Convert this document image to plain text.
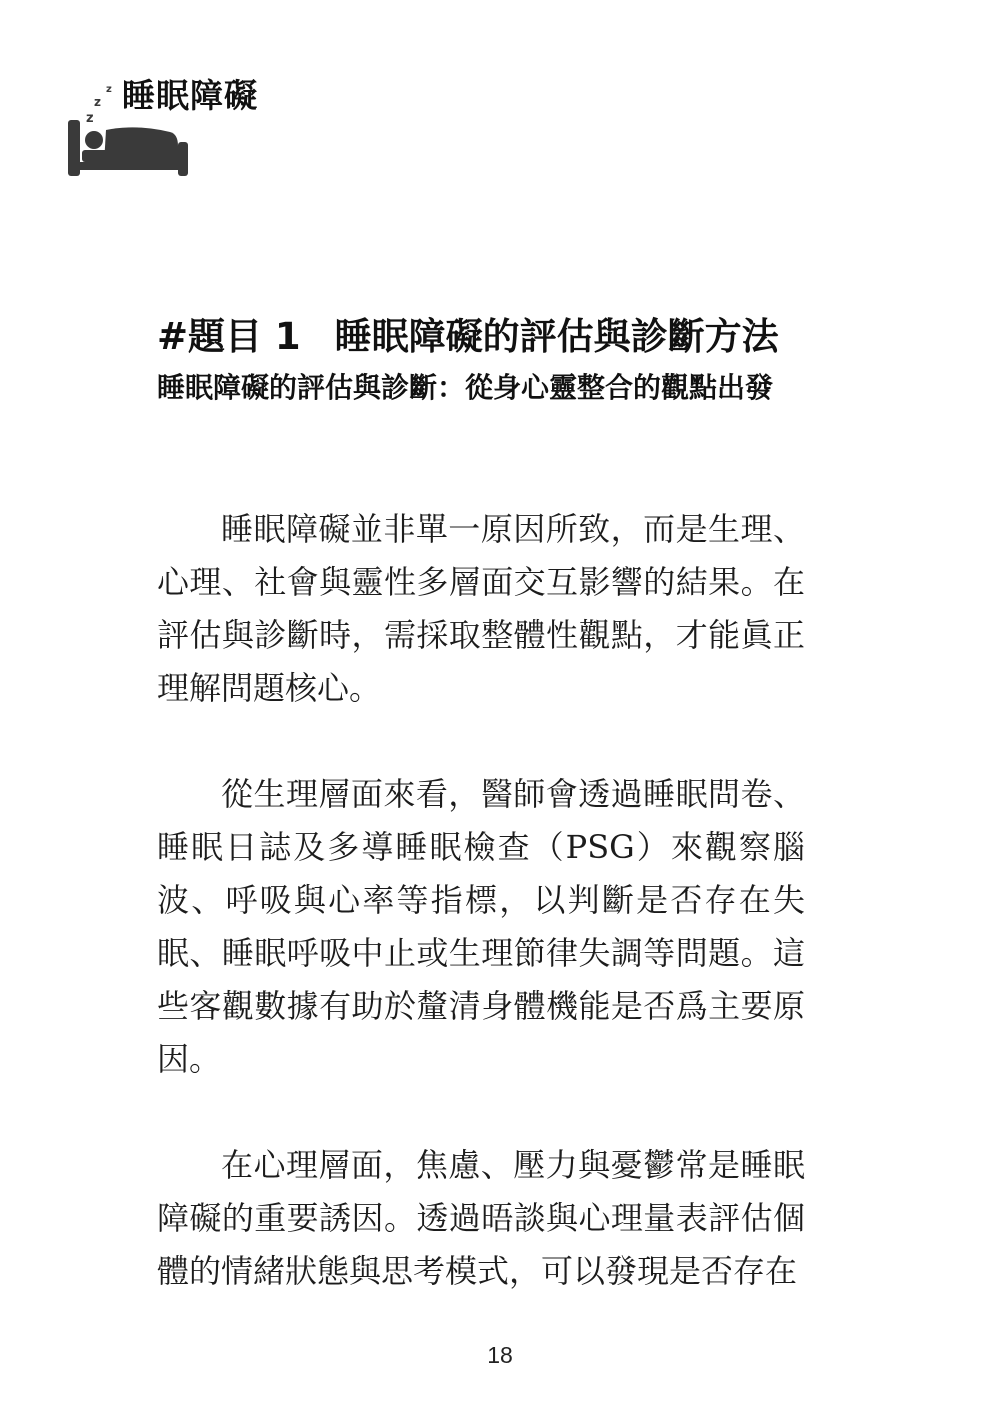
z
z
z
睡眠障礙
#題目 1 睡眠障礙的評估與診斷方法
睡眠障礙的評估與診斷：從身心靈整合的觀點出發

睡眠障礙並非單一原因所致，而是生理、心理、社會與靈性多層面交互影響的結果。在評估與診斷時，需採取整體性觀點，才能眞正理解問題核心。

從生理層面來看，醫師會透過睡眠問卷、睡眠日誌及多導睡眠檢查（PSG）來觀察腦波、呼吸與心率等指標，以判斷是否存在失眠、睡眠呼吸中止或生理節律失調等問題。這些客觀數據有助於釐清身體機能是否爲主要原因。

在心理層面，焦慮、壓力與憂鬱常是睡眠障礙的重要誘因。透過晤談與心理量表評估個體的情緒狀態與思考模式，可以發現是否存在

18
